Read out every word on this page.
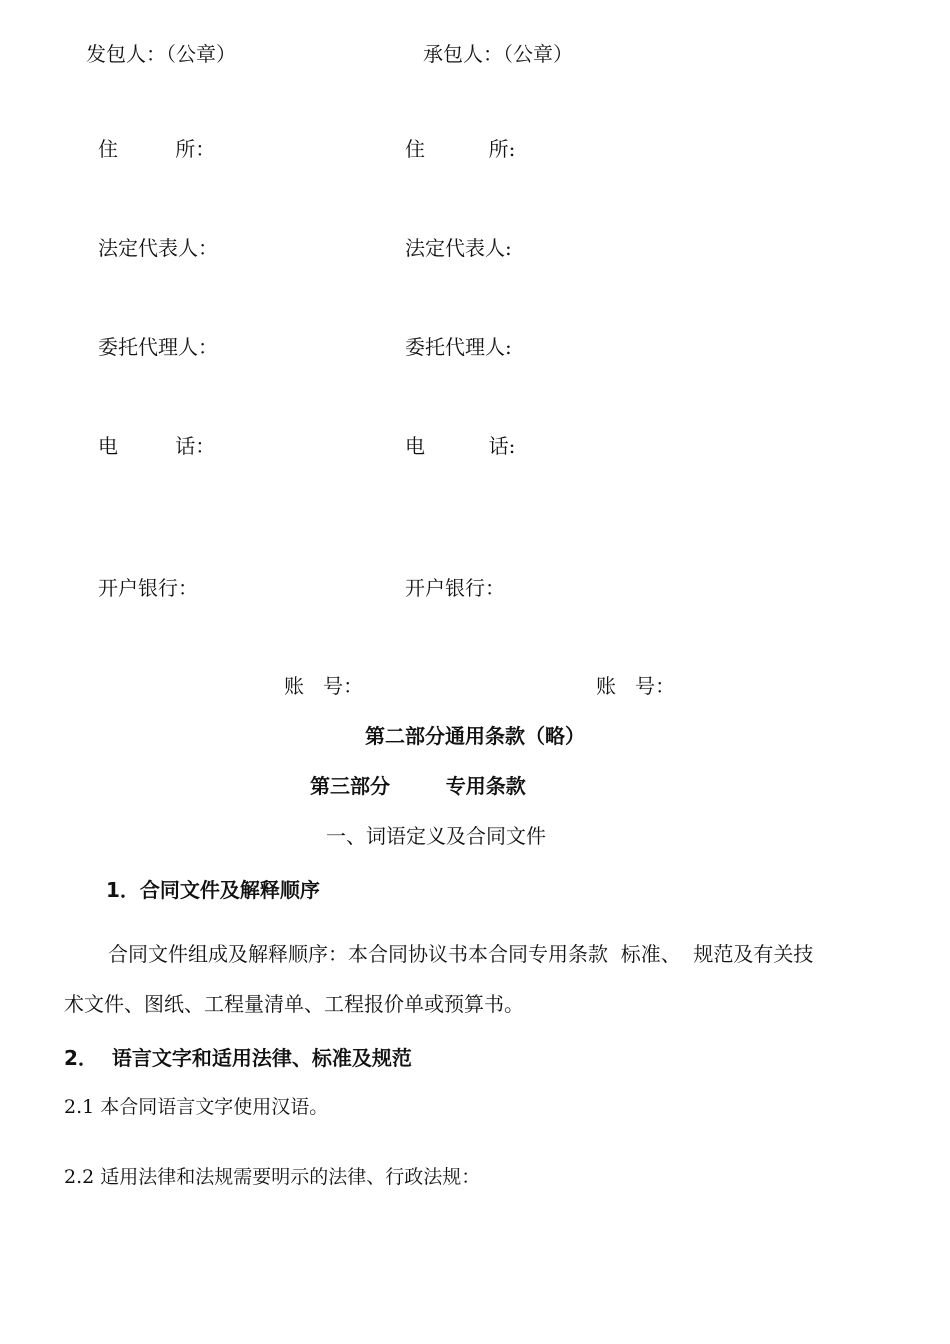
发包人：（公章）	承包人：（公章）
住         所：	住          所:
法定代表人：	法定代表人:
委托代理人：	委托代理人:
电         话：	电          话:
开户银行：	开户银行：
账   号：	账   号：
第二部分通用条款（略）
第三部分        专用条款
一、词语定义及合同文件
1．合同文件及解释顺序
合同文件组成及解释顺序：本合同协议书本合同专用条款  标准、  规范及有关技
术文件、图纸、工程量清单、工程报价单或预算书。
2．  语言文字和适用法律、标准及规范
2.1 本合同语言文字使用汉语。
2.2 适用法律和法规需要明示的法律、行政法规：
